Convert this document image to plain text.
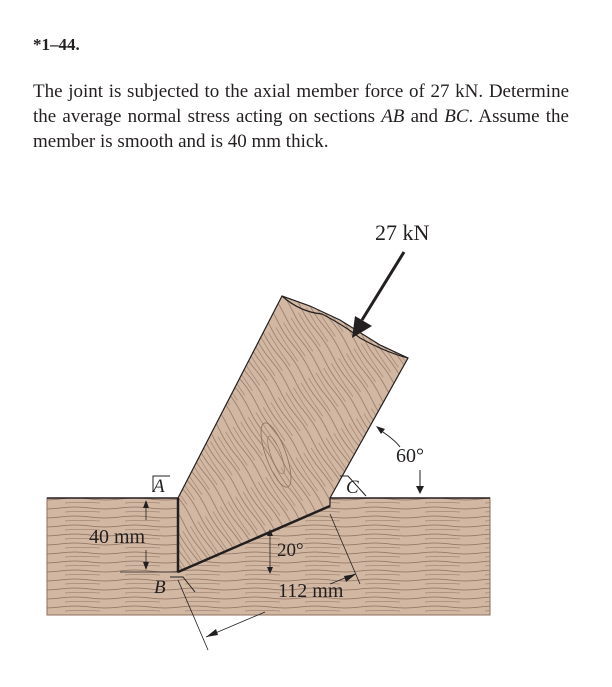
*1–44.

The joint is subjected to the axial member force of 27 kN. Determine the average normal stress acting on sections AB and BC. Assume the member is smooth and is 40 mm thick.

27 kN
60°
A	C
B
40 mm
20°
112 mm
